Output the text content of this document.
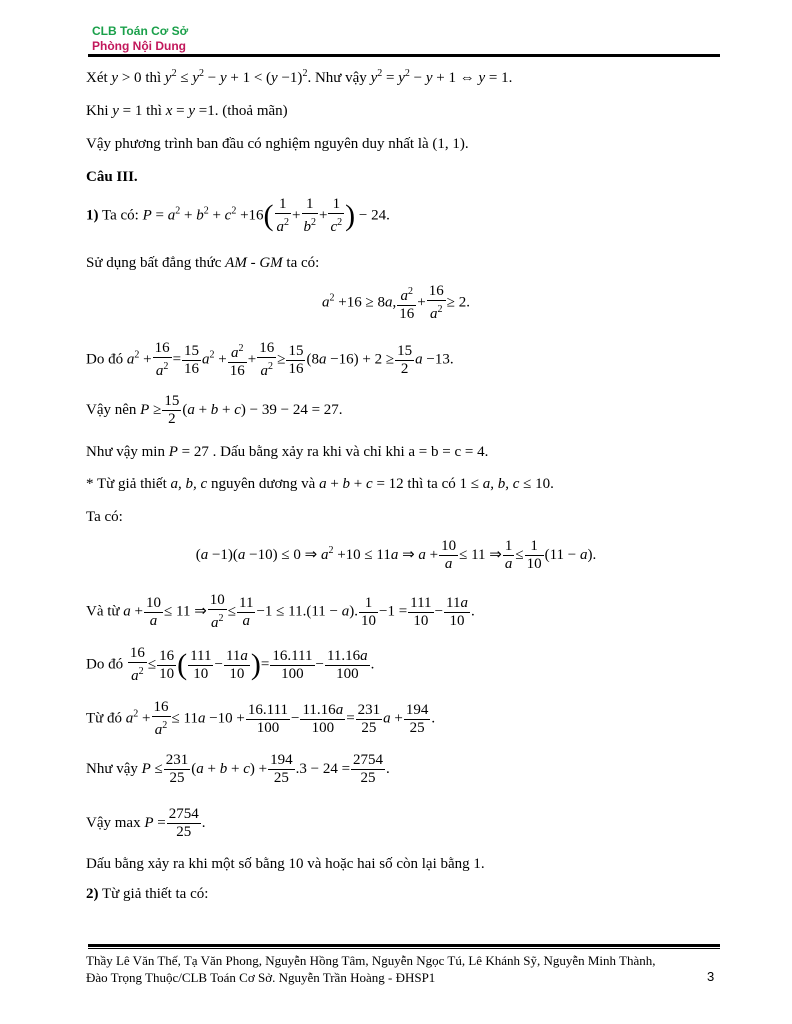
CLB Toán Cơ Sở
Phòng Nội Dung
Xét y > 0 thì $y^2 \le y^2 - y + 1 < (y -1)^2$. Như vậy $y^2 = y^2 - y + 1$ ⇔ y = 1.
Khi y = 1 thì x = y =1. (thoả mãn)
Vậy phương trình ban đầu có nghiệm nguyên duy nhất là (1, 1).
Câu III.
1) Ta có: $P = a^2 + b^2 + c^2 +16( \frac{1}{a^2} + \frac{1}{b^2} + \frac{1}{c^2}$ ) − 24.
Sử dụng bất đẳng thức AM - GM ta có:
$a^2 +16 \ge 8a$, $\frac{a^2}{16} + \frac{16}{a^2} \ge 2$.
Do đó $a^2 + \frac{16}{a^2} = \frac{15}{16} a^2 + \frac{a^2}{16} + \frac{16}{a^2} \ge \frac{15}{16} (8a -16) + 2 \ge \frac{15}{2}$ a −13.
Vậy nên $P \ge \frac{15}{2} (a + b + c) - 39 - 24 = 27$.
Như vậy min P = 27 . Dấu bằng xảy ra khi và chỉ khi a = b = c = 4.
* Từ giả thiết a, b, c nguyên dương và a + b + c = 12 thì ta có 1 ≤ a, b, c ≤ 10.
Ta có:
(a −1)(a −10) ≤ 0 ⇒ $a^2 +10 \le 11a$ ⇒ $a + \frac{10}{a} \le 11$ ⇒ $\frac{1}{a} \le \frac{1}{10} (11 - a)$.
Và từ $a + \frac{10}{a} \le 11$ ⇒ $\frac{10}{a^2} \le \frac{11}{a} -1 \le 11.(11 - a)$. $\frac{1}{10} -1 = \frac{111}{10} - \frac{11a}{10}$ .
Do đó $\frac{16}{a^2} \le \frac{16}{10}$ ( $\frac{111}{10} - \frac{11a}{10}$ )= $\frac{16.111}{100} - \frac{11.16a}{100}$ .
Từ đó $a^2 + \frac{16}{a^2} \le 11a -10 + \frac{16.111}{100} - \frac{11.16a}{100} = \frac{231}{25}$ $a + \frac{194}{25}$ .
Như vậy $P \le \frac{231}{25} (a + b + c) + \frac{194}{25} .3 - 24 = \frac{2754}{25}$ .
Vậy $\max P = \frac{2754}{25}$ .
Dấu bằng xảy ra khi một số bằng 10 và hoặc hai số còn lại bằng 1.
2) Từ giả thiết ta có:
Thầy Lê Văn Thế, Tạ Văn Phong, Nguyễn Hồng Tâm, Nguyễn Ngọc Tú, Lê Khánh Sỹ, Nguyễn Minh Thành,
Đào Trọng Thuộc/CLB Toán Cơ Sở. Nguyễn Trần Hoàng - ĐHSP1	3
